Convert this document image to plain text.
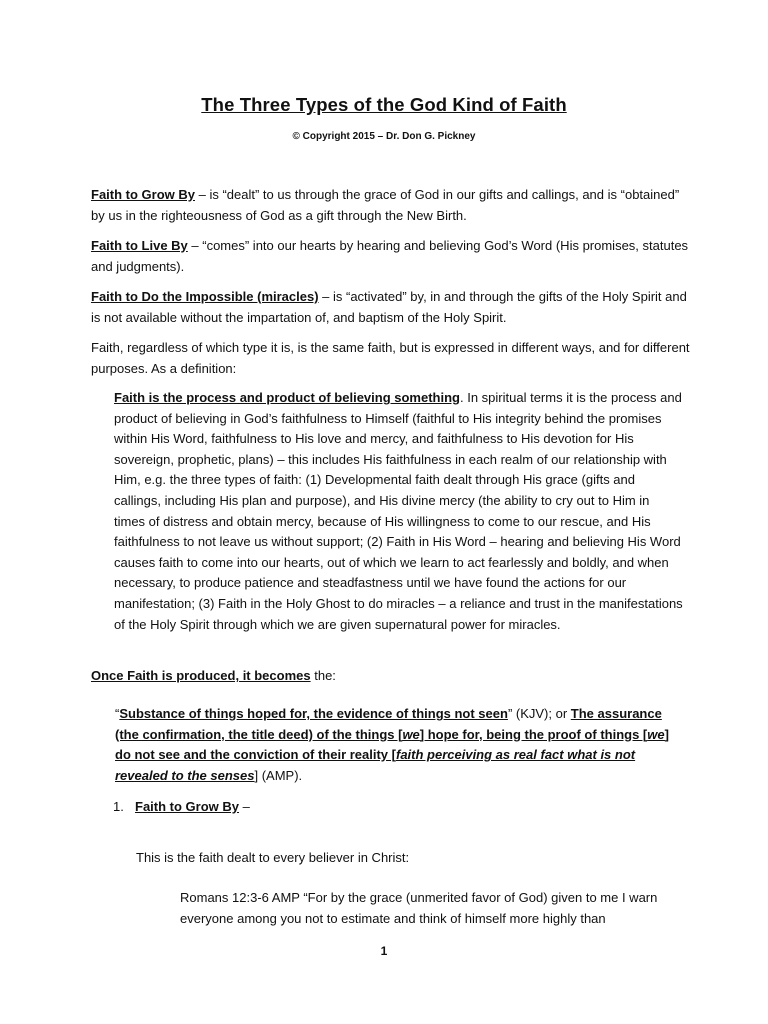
The Three Types of the God Kind of Faith
© Copyright 2015 – Dr. Don G. Pickney

Faith to Grow By – is “dealt” to us through the grace of God in our gifts and callings, and is “obtained” by us in the righteousness of God as a gift through the New Birth.

Faith to Live By – “comes” into our hearts by hearing and believing God’s Word (His promises, statutes and judgments).

Faith to Do the Impossible (miracles) – is “activated” by, in and through the gifts of the Holy Spirit and is not available without the impartation of, and baptism of the Holy Spirit.

Faith, regardless of which type it is, is the same faith, but is expressed in different ways, and for different purposes. As a definition:

Faith is the process and product of believing something. In spiritual terms it is the process and product of believing in God’s faithfulness to Himself (faithful to His integrity behind the promises within His Word, faithfulness to His love and mercy, and faithfulness to His devotion for His sovereign, prophetic, plans) – this includes His faithfulness in each realm of our relationship with Him, e.g. the three types of faith: (1) Developmental faith dealt through His grace (gifts and callings, including His plan and purpose), and His divine mercy (the ability to cry out to Him in times of distress and obtain mercy, because of His willingness to come to our rescue, and His faithfulness to not leave us without support; (2) Faith in His Word – hearing and believing His Word causes faith to come into our hearts, out of which we learn to act fearlessly and boldly, and when necessary, to produce patience and steadfastness until we have found the actions for our manifestation; (3) Faith in the Holy Ghost to do miracles – a reliance and trust in the manifestations of the Holy Spirit through which we are given supernatural power for miracles.

Once Faith is produced, it becomes the:

“Substance of things hoped for, the evidence of things not seen” (KJV); or The assurance (the confirmation, the title deed) of the things [we] hope for, being the proof of things [we] do not see and the conviction of their reality [faith perceiving as real fact what is not revealed to the senses] (AMP).
1. Faith to Grow By –
This is the faith dealt to every believer in Christ:
Romans 12:3-6 AMP “For by the grace (unmerited favor of God) given to me I warn everyone among you not to estimate and think of himself more highly than
1
